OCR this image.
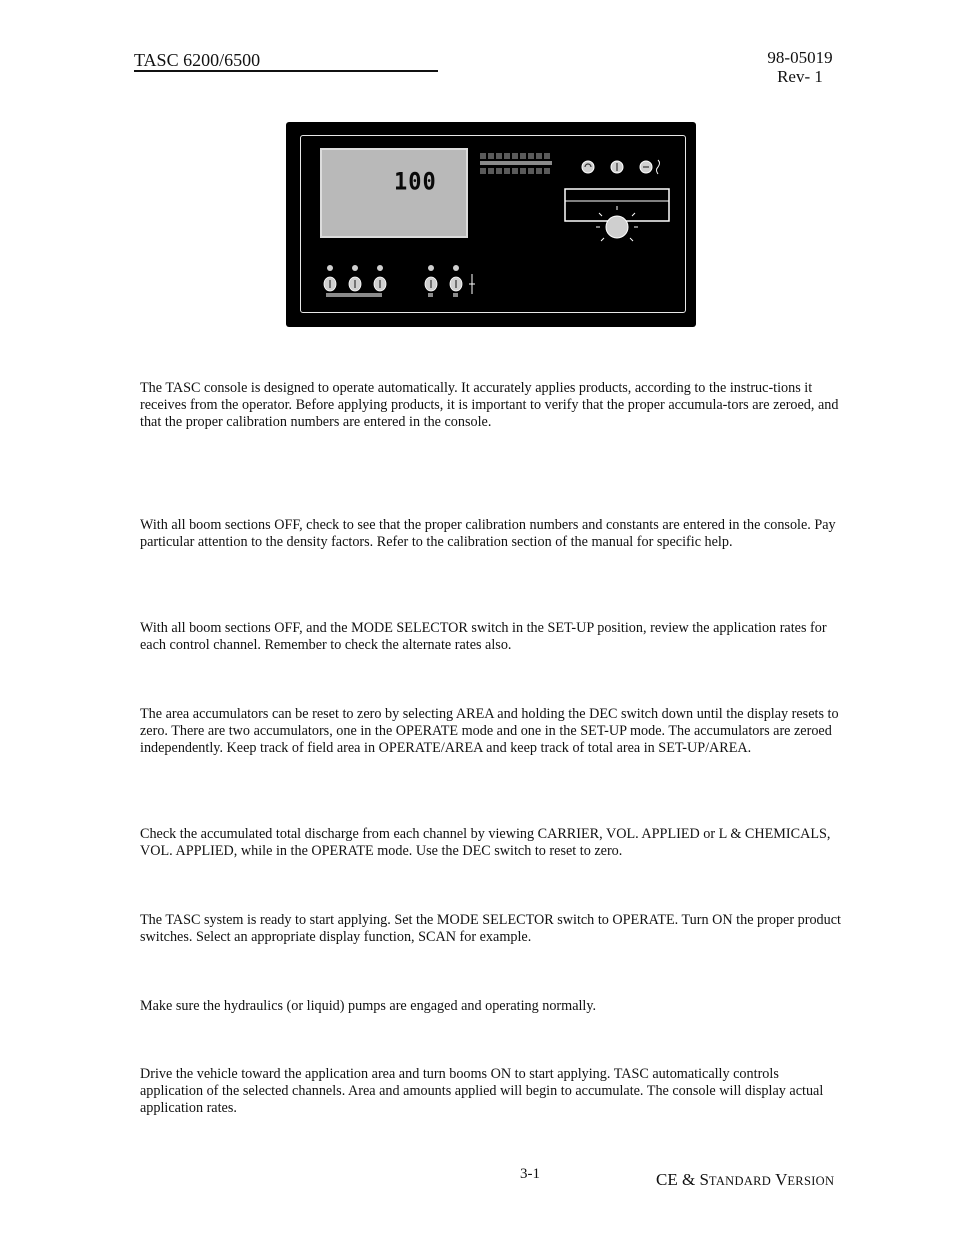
TASC 6200/6500	98-05019
Rev- 1
100

The TASC console is designed to operate automatically. It accurately applies products, according to the instruc-tions it receives from the operator. Before applying products, it is important to verify that the proper accumula-tors are zeroed, and that the proper calibration numbers are entered in the console.

With all boom sections OFF, check to see that the proper calibration numbers and constants are entered in the console. Pay particular attention to the density factors. Refer to the calibration section of the manual for specific help.

With all boom sections OFF, and the MODE SELECTOR switch in the SET-UP position, review the application rates for each control channel. Remember to check the alternate rates also.

The area accumulators can be reset to zero by selecting AREA and holding the DEC switch down until the display resets to zero. There are two accumulators, one in the OPERATE mode and one in the SET-UP mode. The accumulators are zeroed independently. Keep track of field area in OPERATE/AREA and keep track of total area in SET-UP/AREA.

Check the accumulated total discharge from each channel by viewing CARRIER, VOL. APPLIED or L & CHEMICALS, VOL. APPLIED, while in the OPERATE mode. Use the DEC switch to reset to zero.

The TASC system is ready to start applying. Set the MODE SELECTOR switch to OPERATE. Turn ON the proper product switches. Select an appropriate display function, SCAN for example.

Make sure the hydraulics (or liquid) pumps are engaged and operating normally.

Drive the vehicle toward the application area and turn booms ON to start applying. TASC automatically controls application of the selected channels. Area and amounts applied will begin to accumulate. The console will display actual application rates.

3-1	CE & STANDARD VERSION
